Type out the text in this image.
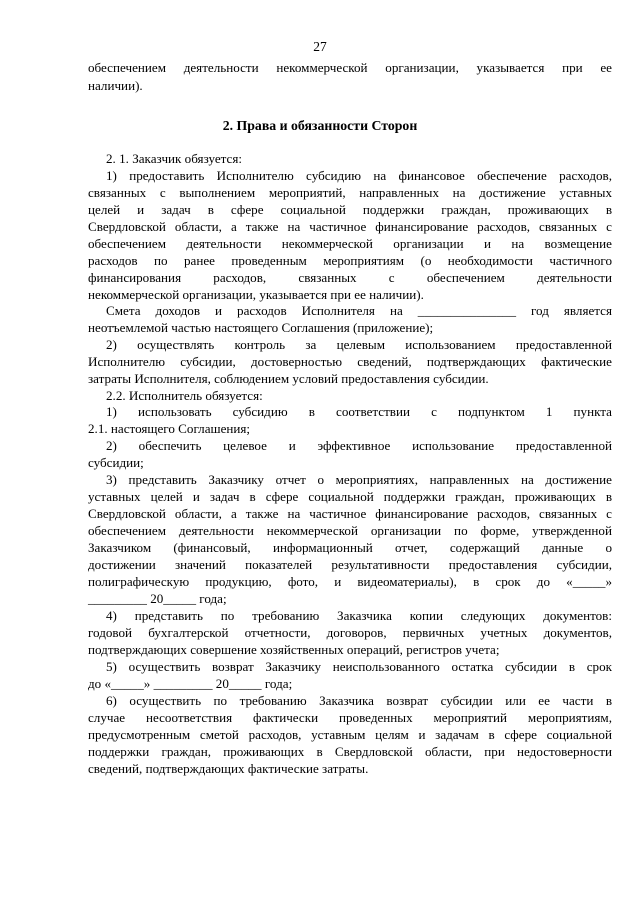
27
2. Права и обязанности Сторон
обеспечением деятельности некоммерческой организации, указывается при ее
наличии).
2. 1. Заказчик обязуется:
1) предоставить Исполнителю субсидию на финансовое обеспечение расходов,
связанных с выполнением мероприятий, направленных на достижение уставных
целей и задач в сфере социальной поддержки граждан, проживающих в
Свердловской области, а также на частичное финансирование расходов, связанных с
обеспечением деятельности некоммерческой организации и на возмещение
расходов по ранее проведенным мероприятиям (о необходимости частичного
финансирования расходов, связанных с обеспечением деятельности
некоммерческой организации, указывается при ее наличии).
Смета доходов и расходов Исполнителя на _______________ год является
неотъемлемой частью настоящего Соглашения (приложение);
2) осуществлять контроль за целевым использованием предоставленной
Исполнителю субсидии, достоверностью сведений, подтверждающих фактические
затраты Исполнителя, соблюдением условий предоставления субсидии.
2.2. Исполнитель обязуется:
1) использовать субсидию в соответствии с подпунктом 1 пункта
2.1. настоящего Соглашения;
2) обеспечить целевое и эффективное использование предоставленной
субсидии;
3) представить Заказчику отчет о мероприятиях, направленных на достижение
уставных целей и задач в сфере социальной поддержки граждан, проживающих в
Свердловской области, а также на частичное финансирование расходов, связанных с
обеспечением деятельности некоммерческой организации по форме, утвержденной
Заказчиком (финансовый, информационный отчет, содержащий данные о
достижении значений показателей результативности предоставления субсидии,
полиграфическую продукцию, фото, и видеоматериалы), в срок до «_____»
_________ 20_____ года;
4) представить по требованию Заказчика копии следующих документов:
годовой бухгалтерской отчетности, договоров, первичных учетных документов,
подтверждающих совершение хозяйственных операций, регистров учета;
5) осуществить возврат Заказчику неиспользованного остатка субсидии в срок
до «_____» _________ 20_____ года;
6) осуществить по требованию Заказчика возврат субсидии или ее части в
случае несоответствия фактически проведенных мероприятий мероприятиям,
предусмотренным сметой расходов, уставным целям и задачам в сфере социальной
поддержки граждан, проживающих в Свердловской области, при недостоверности
сведений, подтверждающих фактические затраты.
